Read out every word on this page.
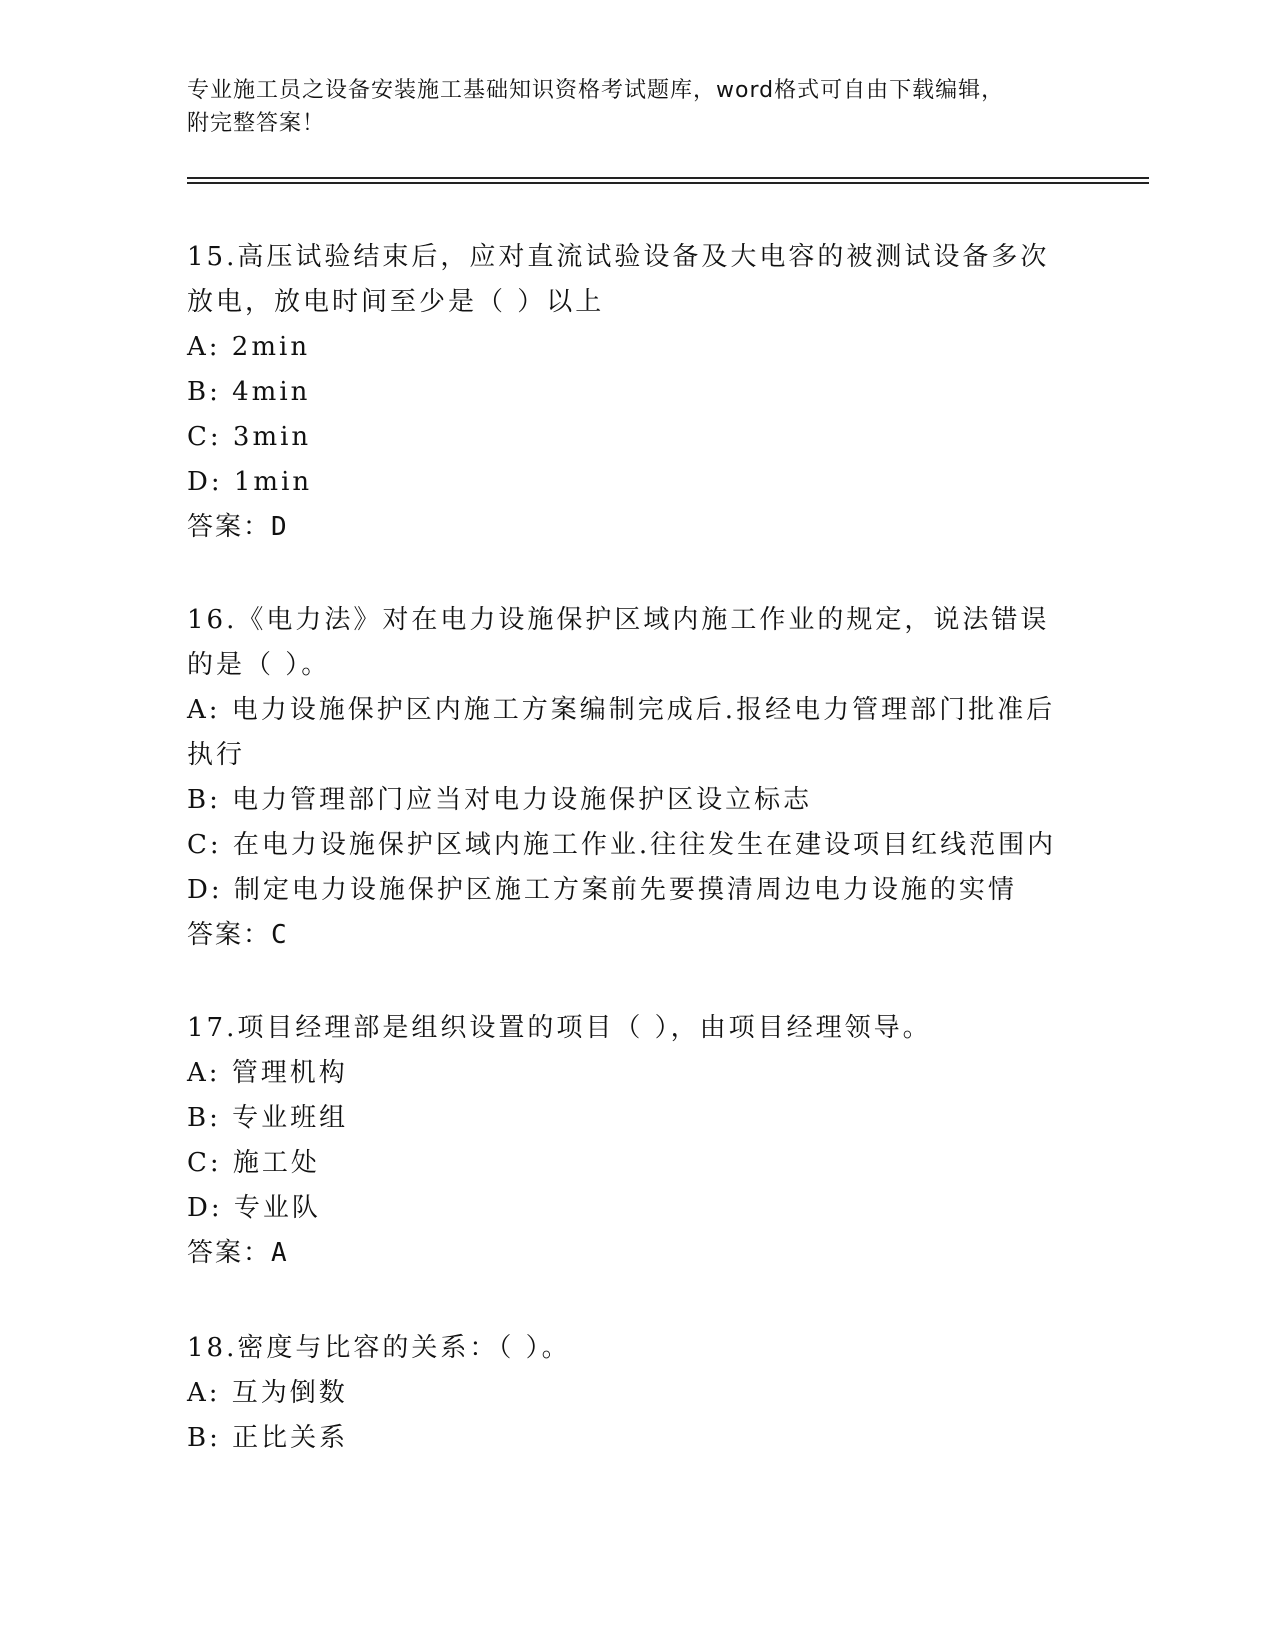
专业施工员之设备安装施工基础知识资格考试题库，word格式可自由下载编辑，
附完整答案！

15.高压试验结束后，应对直流试验设备及大电容的被测试设备多次放电，放电时间至少是（ ）以上

A: 2min

B: 4min

C: 3min

D: 1min

答案：D

16.《电力法》对在电力设施保护区域内施工作业的规定，说法错误的是（ ）。

A: 电力设施保护区内施工方案编制完成后.报经电力管理部门批准后执行

B: 电力管理部门应当对电力设施保护区设立标志

C: 在电力设施保护区域内施工作业.往往发生在建设项目红线范围内

D: 制定电力设施保护区施工方案前先要摸清周边电力设施的实情

答案：C

17.项目经理部是组织设置的项目（ ），由项目经理领导。

A: 管理机构

B: 专业班组

C: 施工处

D: 专业队

答案：A

18.密度与比容的关系：（ ）。

A: 互为倒数

B: 正比关系
